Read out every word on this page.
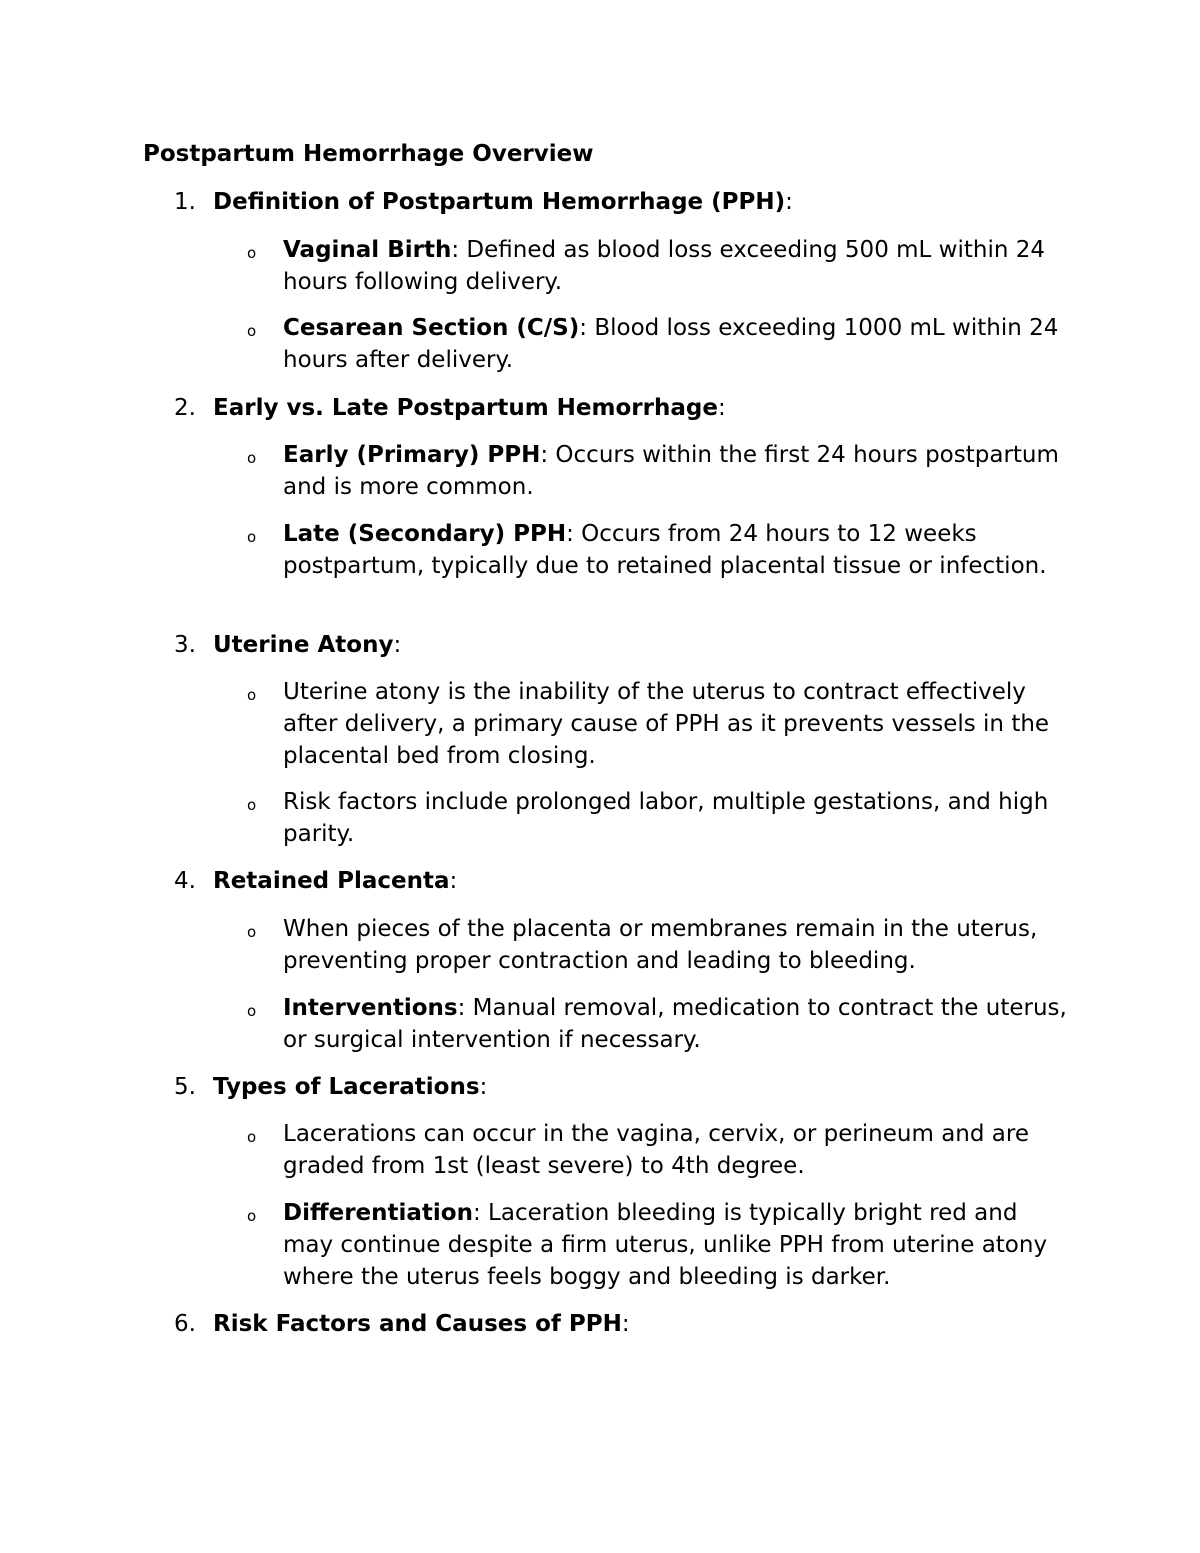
Postpartum Hemorrhage Overview
1. Definition of Postpartum Hemorrhage (PPH):
o Vaginal Birth: Defined as blood loss exceeding 500 mL within 24 hours following delivery.
o Cesarean Section (C/S): Blood loss exceeding 1000 mL within 24 hours after delivery.
2. Early vs. Late Postpartum Hemorrhage:
o Early (Primary) PPH: Occurs within the first 24 hours postpartum and is more common.
o Late (Secondary) PPH: Occurs from 24 hours to 12 weeks postpartum, typically due to retained placental tissue or infection.
3. Uterine Atony:
o Uterine atony is the inability of the uterus to contract effectively after delivery, a primary cause of PPH as it prevents vessels in the placental bed from closing.
o Risk factors include prolonged labor, multiple gestations, and high parity.
4. Retained Placenta:
o When pieces of the placenta or membranes remain in the uterus, preventing proper contraction and leading to bleeding.
o Interventions: Manual removal, medication to contract the uterus, or surgical intervention if necessary.
5. Types of Lacerations:
o Lacerations can occur in the vagina, cervix, or perineum and are graded from 1st (least severe) to 4th degree.
o Differentiation: Laceration bleeding is typically bright red and may continue despite a firm uterus, unlike PPH from uterine atony where the uterus feels boggy and bleeding is darker.
6. Risk Factors and Causes of PPH:
